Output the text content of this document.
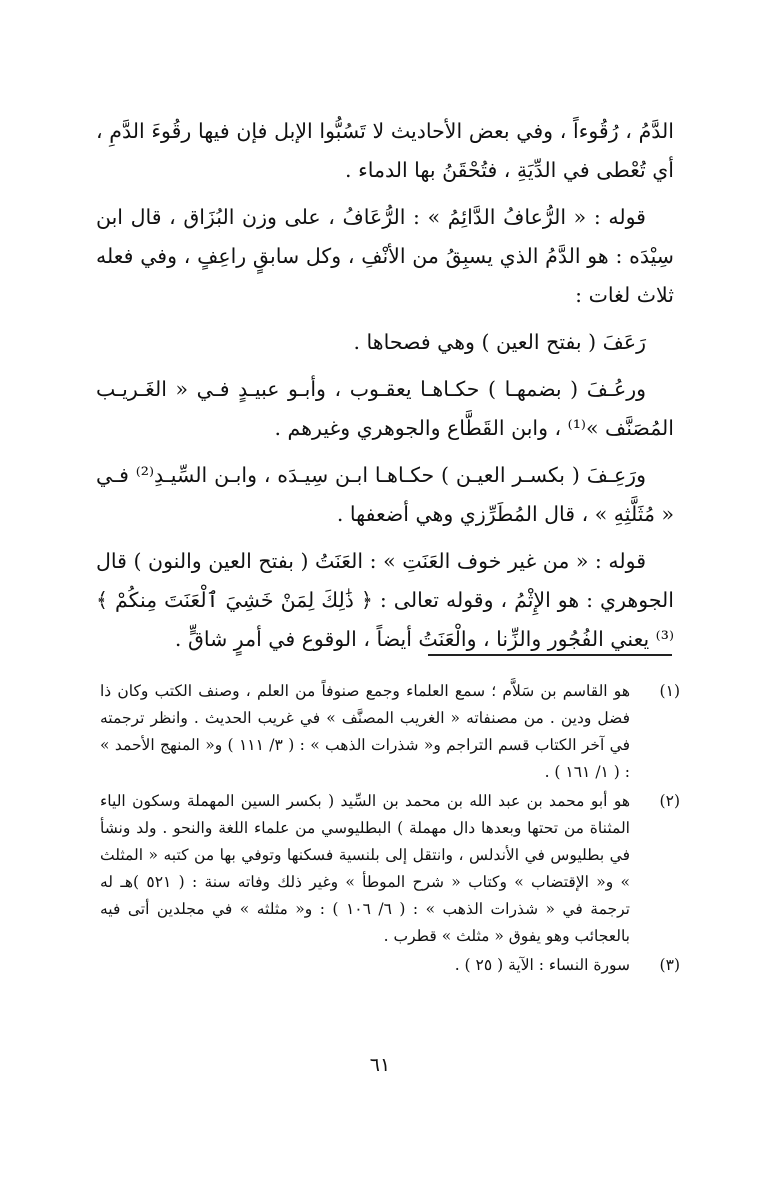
الدَّمُ ، رُقُوءاً ، وفي بعض الأحاديث لا تَسُبُّوا الإبل فإن فيها رقُوءَ الدَّمِ ، أي تُعْطى في الدِّيَةِ ، فتُحْقَنُ بها الدماء .

قوله : « الرُّعافُ الدَّائِمُ » : الرُّعَافُ ، على وزن البُزَاق ، قال ابن سِيْدَه : هو الدَّمُ الذي يسبِقُ من الأنْفِ ، وكل سابقٍ راعِفٍ ، وفي فعله ثلاث لغات :

رَعَفَ ( بفتح العين ) وهي فصحاها .

ورعُـفَ ( بضمهـا ) حكـاهـا يعقـوب ، وأبـو عبيـدٍ فـي « الغَـريـب المُصَنَّف »⁽¹⁾ ، وابن القَطَّاع والجوهري وغيرهم .

ورَعِـفَ ( بكسـر العيـن ) حكـاهـا ابـن سِيـدَه ، وابـن السِّيـدِ⁽²⁾ فـي « مُثَلَّثِهِ » ، قال المُطَرِّزي وهي أضعفها .

قوله : « من غير خوف العَنَتِ » : العَنَتُ ( بفتح العين والنون ) قال الجوهري : هو الإِثْمُ ، وقوله تعالى : ﴿ ذَٰلِكَ لِمَنْ خَشِيَ ٱلْعَنَتَ مِنكُمْ ﴾⁽³⁾ يعني الفُجُور والزِّنا ، والْعَنَتُ أيضاً ، الوقوع في أمرٍ شاقٍّ .

(١)
هو القاسم بن سَلاَّم ؛ سمع العلماء وجمع صنوفاً من العلم ، وصنف الكتب وكان ذا فضل ودين . من مصنفاته « الغريب المصنَّف » في غريب الحديث . وانظر ترجمته في آخر الكتاب قسم التراجم و« شذرات الذهب » : ( ٣/ ١١١ ) و« المنهج الأحمد » : ( ١/ ١٦١ ) .
(٢)
هو أبو محمد بن عبد الله بن محمد بن السِّيد ( بكسر السين المهملة وسكون الياء المثناة من تحتها وبعدها دال مهملة ) البطليوسي من علماء اللغة والنحو . ولد ونشأ في بطليوس في الأندلس ، وانتقل إلى بلنسية فسكنها وتوفي بها من كتبه « المثلث » و« الإقتضاب » وكتاب « شرح الموطأ » وغير ذلك وفاته سنة : ( ٥٢١ )هـ له ترجمة في « شذرات الذهب » : ( ٦/ ١٠٦ ) : و« مثلثه » في مجلدين أتى فيه بالعجائب وهو يفوق « مثلث » قطرب .
(٣)
سورة النساء : الآية ( ٢٥ ) .
٦١
